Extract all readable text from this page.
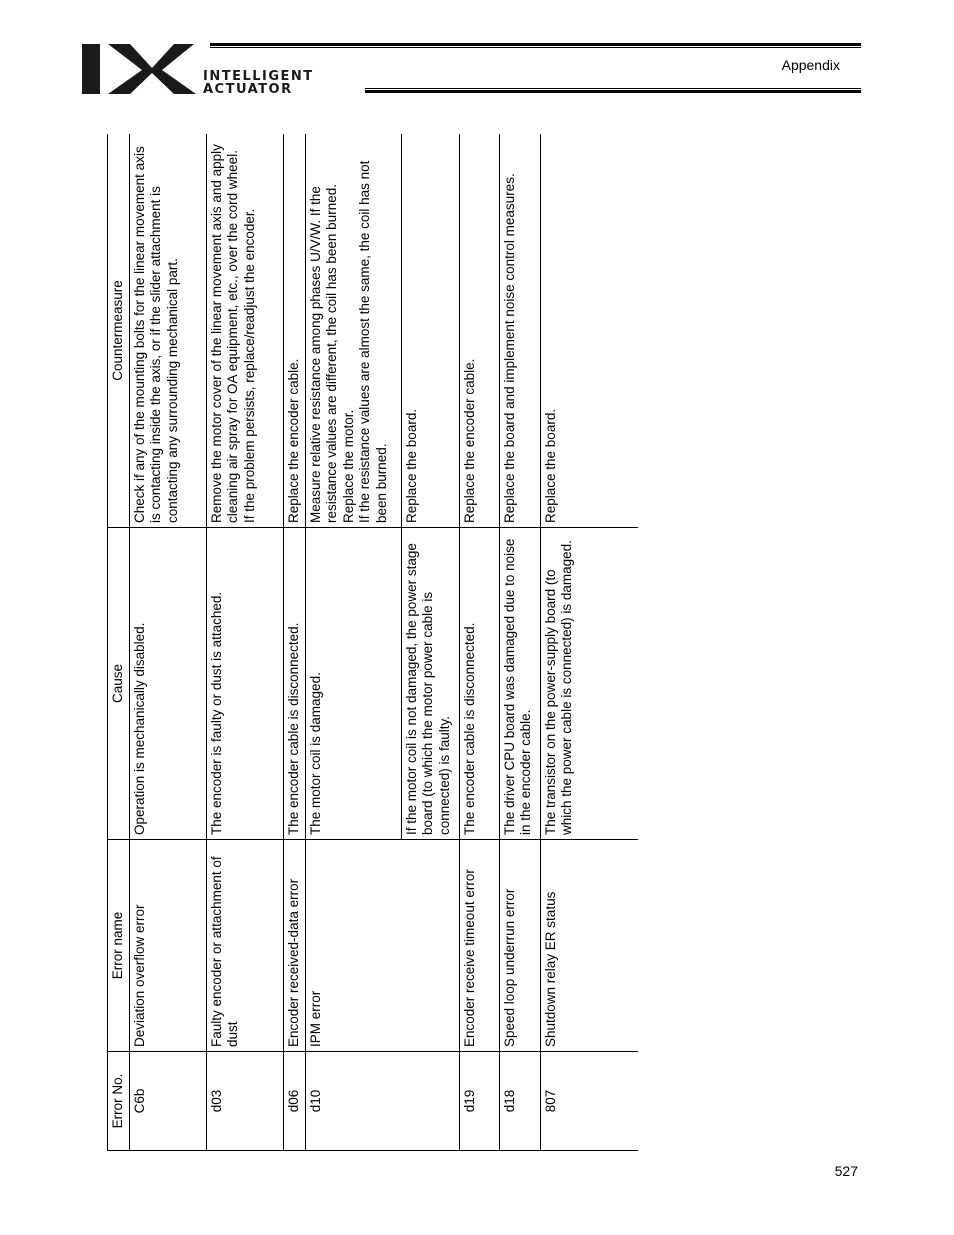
INTELLIGENT
ACTUATOR
Appendix
Error No.	Error name	Cause	Countermeasure
C6b	Deviation overflow error	Operation is mechanically disabled.	Check if any of the mounting bolts for the linear movement axis is contacting inside the axis, or if the slider attachment is contacting any surrounding mechanical part.
d03	Faulty encoder or attachment of dust	The encoder is faulty or dust is attached.	Remove the motor cover of the linear movement axis and apply cleaning air spray for OA equipment, etc., over the cord wheel. If the problem persists, replace/readjust the encoder.

d06	Encoder received-data error	The encoder cable is disconnected.	Replace the encoder cable.
d10	IPM error	The motor coil is damaged.	Measure relative resistance among phases U/V/W. If the resistance values are different, the coil has been burned. Replace the motor. If the resistance values are almost the same, the coil has not been burned.

		If the motor coil is not damaged, the power stage board (to which the motor power cable is connected) is faulty.	Replace the board.
d19	Encoder receive timeout error	The encoder cable is disconnected.	Replace the encoder cable.
d18	Speed loop underrun error	The driver CPU board was damaged due to noise in the encoder cable.	Replace the board and implement noise control measures.
807	Shutdown relay ER status	The transistor on the power-supply board (to which the power cable is connected) is damaged.	Replace the board.
527
